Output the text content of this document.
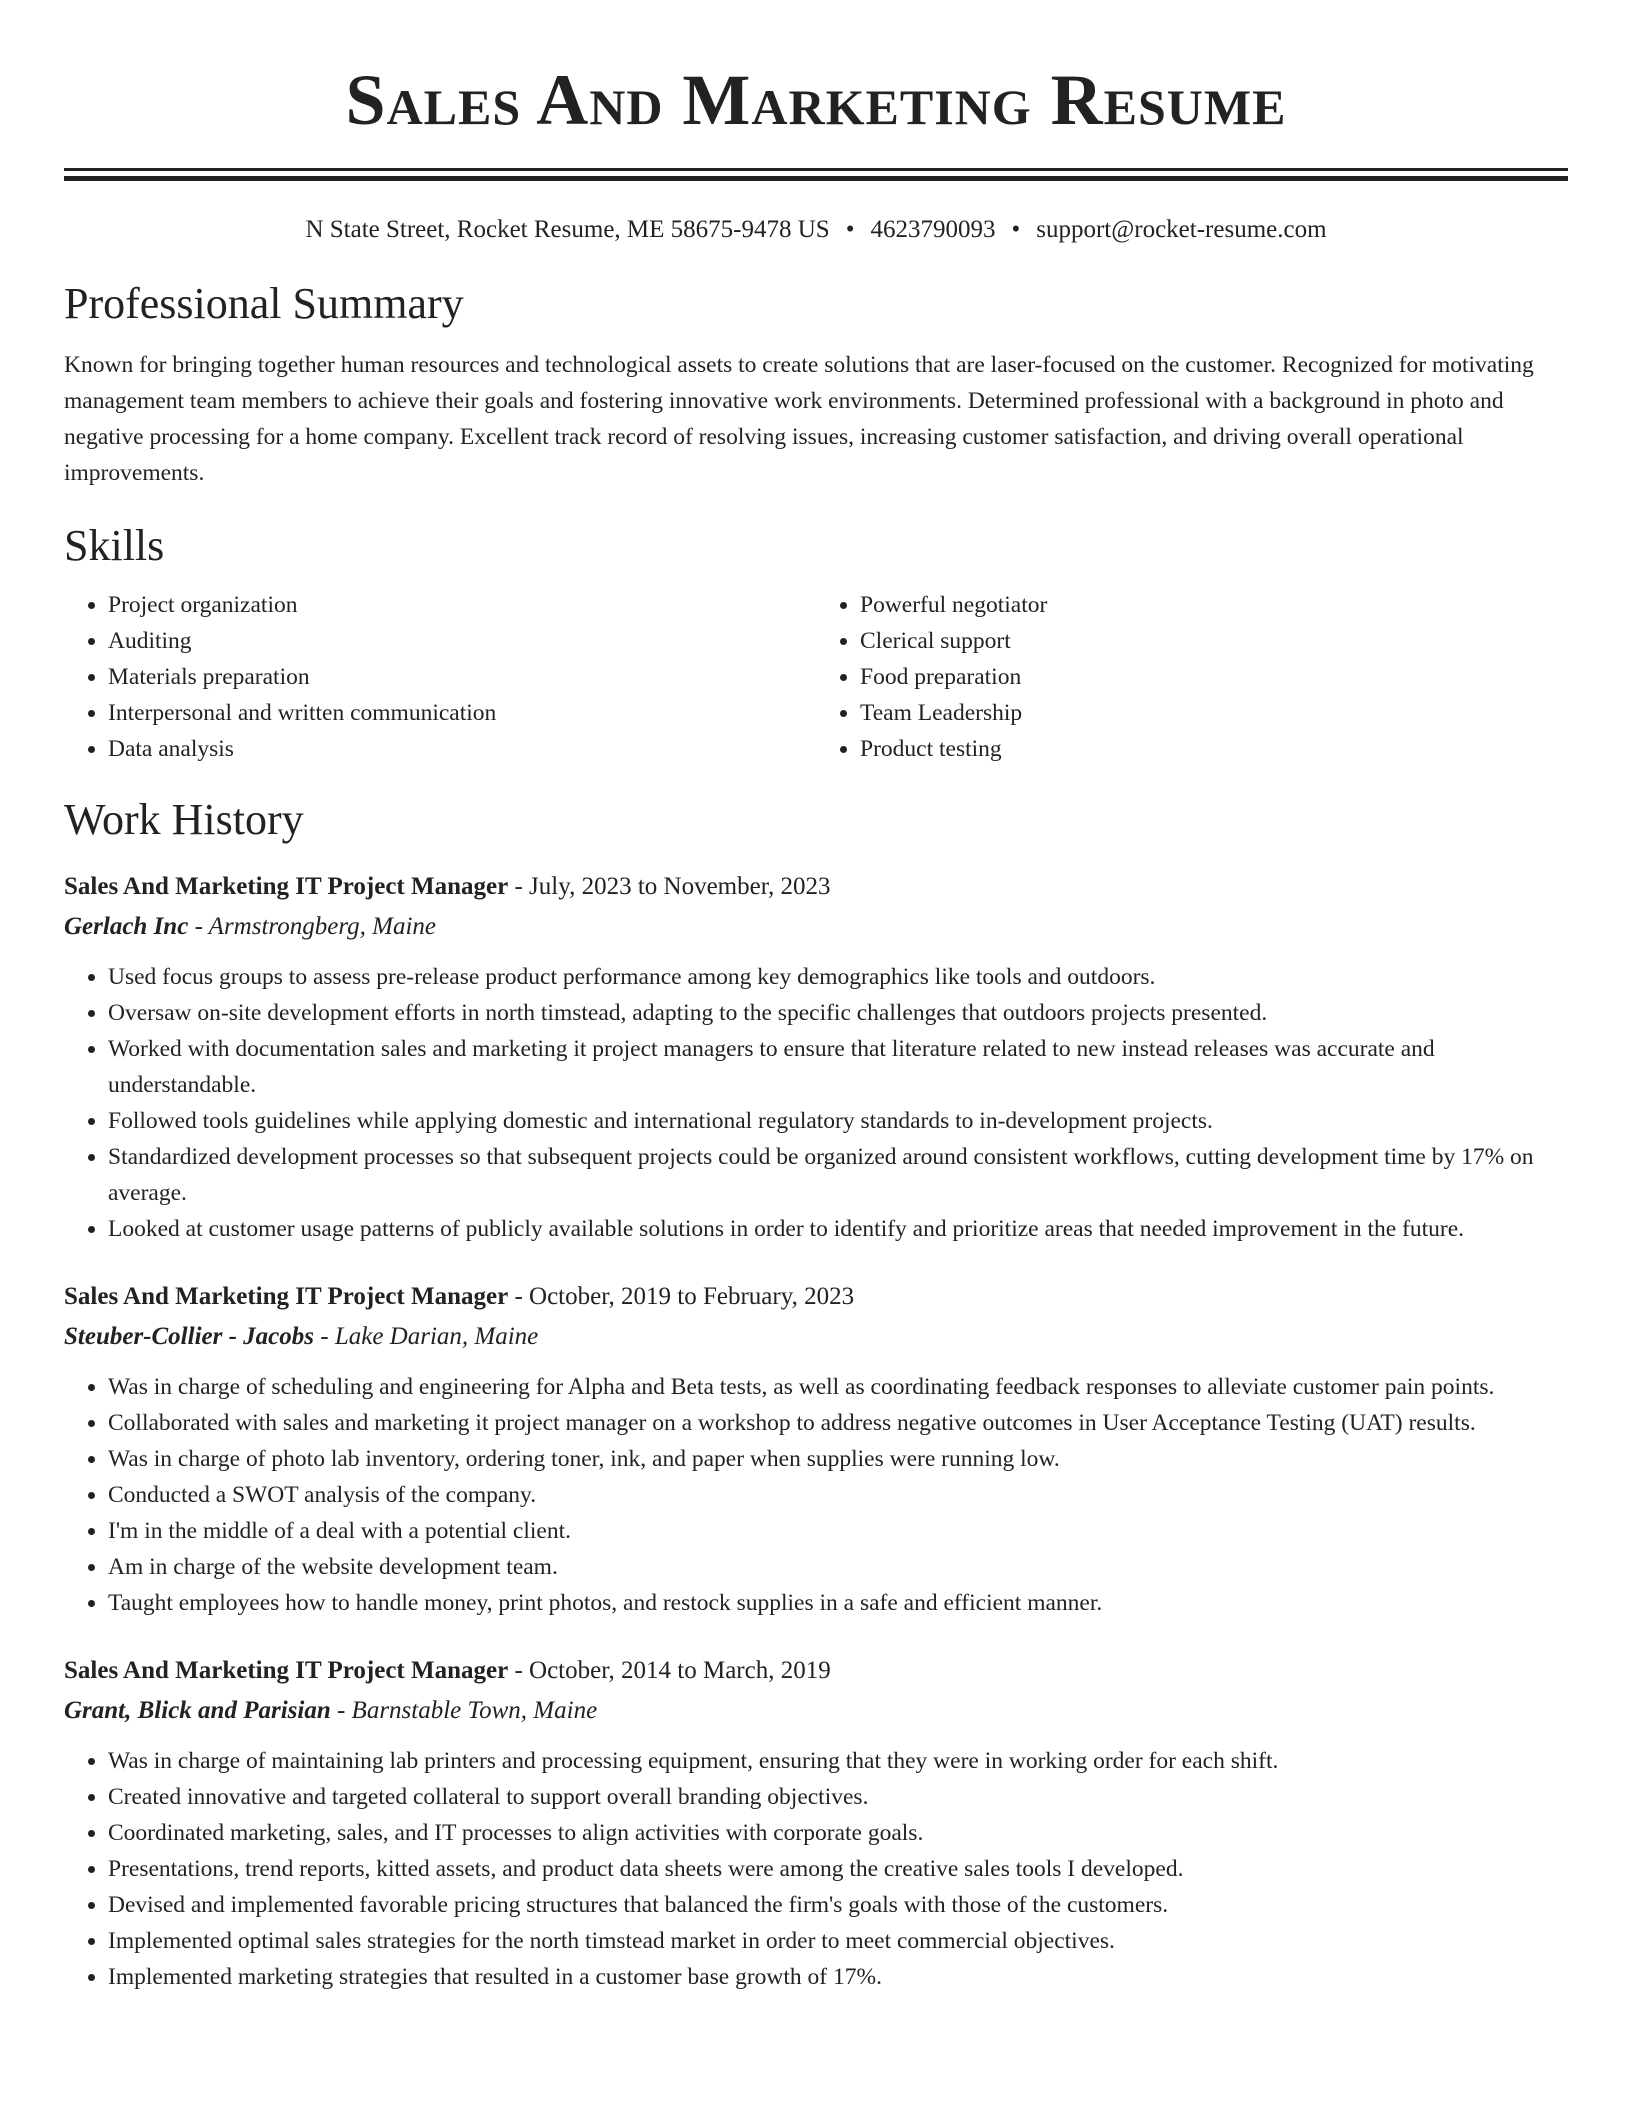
Sales And Marketing Resume
N State Street, Rocket Resume, ME 58675-9478 US • 4623790093 • support@rocket-resume.com
Professional Summary

Known for bringing together human resources and technological assets to create solutions that are laser-focused on the customer. Recognized for motivating management team members to achieve their goals and fostering innovative work environments. Determined professional with a background in photo and negative processing for a home company. Excellent track record of resolving issues, increasing customer satisfaction, and driving overall operational improvements.

Skills
• Project organization
• Auditing
• Materials preparation
• Interpersonal and written communication
• Data analysis
• Powerful negotiator
• Clerical support
• Food preparation
• Team Leadership
• Product testing
Work History
Sales And Marketing IT Project Manager - July, 2023 to November, 2023
Gerlach Inc - Armstrongberg, Maine
• Used focus groups to assess pre-release product performance among key demographics like tools and outdoors.
• Oversaw on-site development efforts in north timstead, adapting to the specific challenges that outdoors projects presented.
• Worked with documentation sales and marketing it project managers to ensure that literature related to new instead releases was accurate and understandable.
• Followed tools guidelines while applying domestic and international regulatory standards to in-development projects.
• Standardized development processes so that subsequent projects could be organized around consistent workflows, cutting development time by 17% on average.
• Looked at customer usage patterns of publicly available solutions in order to identify and prioritize areas that needed improvement in the future.
Sales And Marketing IT Project Manager - October, 2019 to February, 2023
Steuber-Collier - Jacobs - Lake Darian, Maine
• Was in charge of scheduling and engineering for Alpha and Beta tests, as well as coordinating feedback responses to alleviate customer pain points.
• Collaborated with sales and marketing it project manager on a workshop to address negative outcomes in User Acceptance Testing (UAT) results.
• Was in charge of photo lab inventory, ordering toner, ink, and paper when supplies were running low.
• Conducted a SWOT analysis of the company.
• I'm in the middle of a deal with a potential client.
• Am in charge of the website development team.
• Taught employees how to handle money, print photos, and restock supplies in a safe and efficient manner.
Sales And Marketing IT Project Manager - October, 2014 to March, 2019
Grant, Blick and Parisian - Barnstable Town, Maine
• Was in charge of maintaining lab printers and processing equipment, ensuring that they were in working order for each shift.
• Created innovative and targeted collateral to support overall branding objectives.
• Coordinated marketing, sales, and IT processes to align activities with corporate goals.
• Presentations, trend reports, kitted assets, and product data sheets were among the creative sales tools I developed.
• Devised and implemented favorable pricing structures that balanced the firm's goals with those of the customers.
• Implemented optimal sales strategies for the north timstead market in order to meet commercial objectives.
• Implemented marketing strategies that resulted in a customer base growth of 17%.
